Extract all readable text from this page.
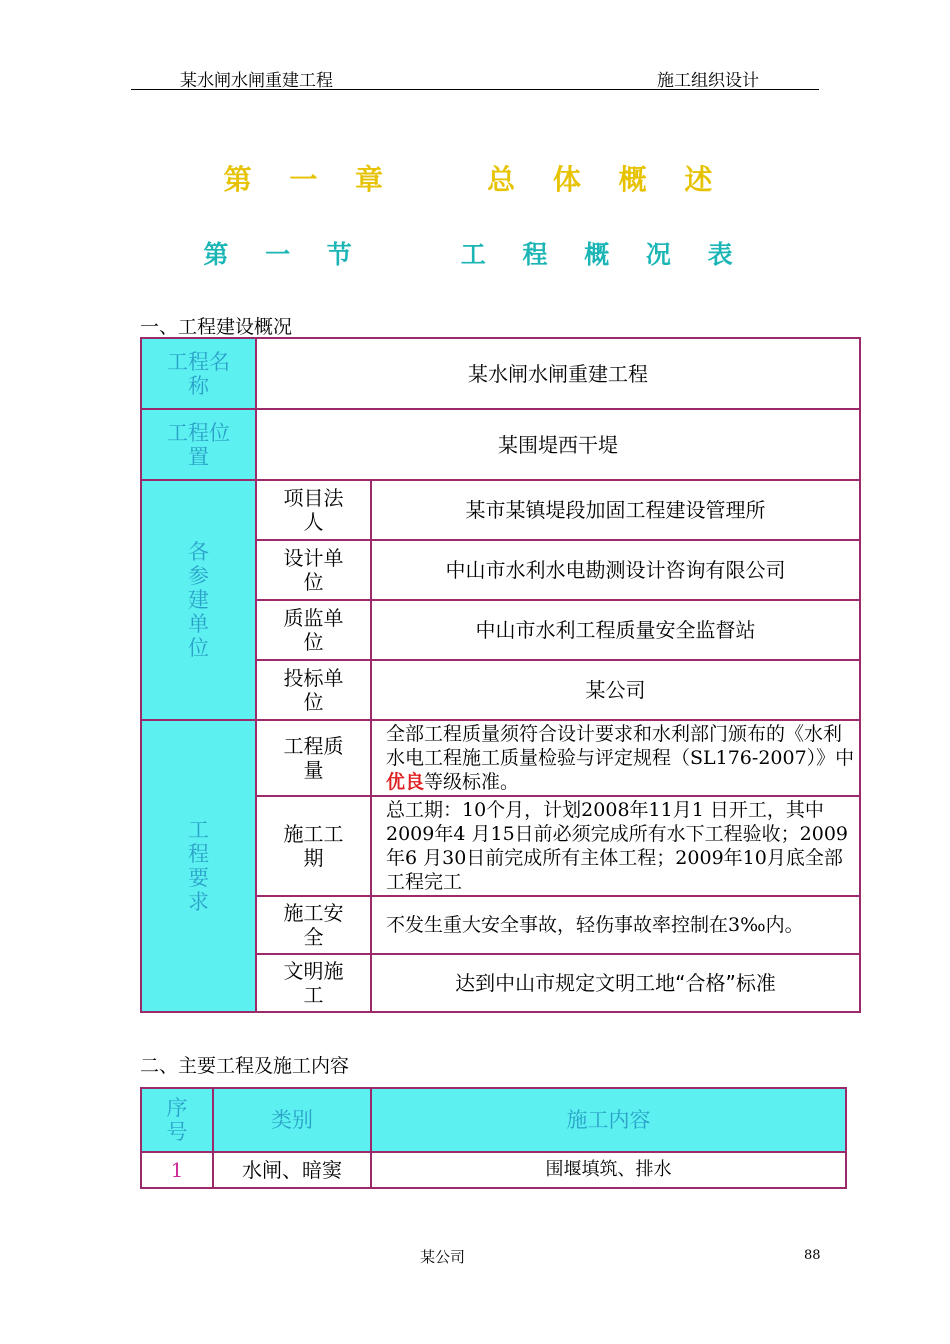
某水闸水闸重建工程	施工组织设计
第 一 章	总 体 概 述
第 一 节	工 程 概 况 表
一、工程建设概况
工程名称	某水闸水闸重建工程	
工程位置	某围堤西干堤	
各参建单位	项目法人	某市某镇堤段加固工程建设管理所
	设计单位	中山市水利水电勘测设计咨询有限公司
	质监单位	中山市水利工程质量安全监督站
	投标单位	某公司
工程要求	工程质量	全部工程质量须符合设计要求和水利部门颁布的《水利水电工程施工质量检验与评定规程（SL176-2007）》中优良等级标准。
	施工工期	总工期：10个月，计划2008年11月1 日开工，其中2009年4 月15日前必须完成所有水下工程验收；2009年6 月30日前完成所有主体工程；2009年10月底全部工程完工
	施工安全	不发生重大安全事故，轻伤事故率控制在3‰内。
	文明施工	达到中山市规定文明工地“合格”标准
二、主要工程及施工内容
序号	类别	施工内容
1	水闸、暗窦	围堰填筑、排水
某公司	88
